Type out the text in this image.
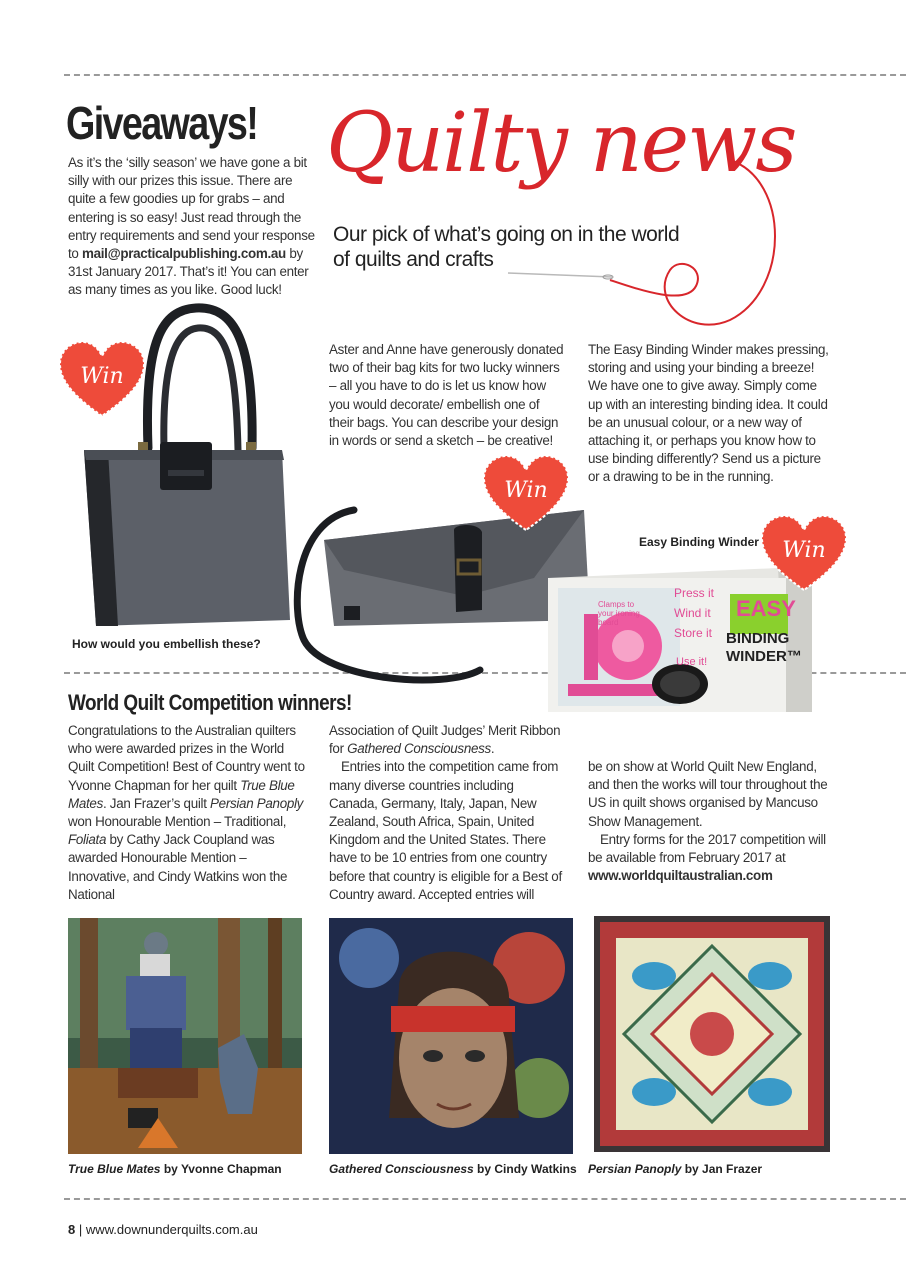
Giveaways!
As it’s the ‘silly season’ we have gone a bit silly with our prizes this issue. There are quite a few goodies up for grabs – and entering is so easy! Just read through the entry requirements and send your response to mail@practicalpublishing.com.au by 31st January 2017. That’s it! You can enter as many times as you like. Good luck!
Quilty news
Our pick of what’s going on in the world of quilts and crafts
Aster and Anne have generously donated two of their bag kits for two lucky winners – all you have to do is let us know how you would decorate/ embellish one of their bags. You can describe your design in words or send a sketch – be creative!
The Easy Binding Winder makes pressing, storing and using your binding a breeze! We have one to give away. Simply come up with an interesting binding idea. It could be an unusual colour, or a new way of attaching it, or perhaps you know how to use binding differently? Send us a picture or a drawing to be in the running.
Clamps to your ironing board
Press it
Wind it
Store it
Use it!
EASY
BINDING
WINDER™
Win
Win
Win
How would you embellish these?
Easy Binding Winder
World Quilt Competition winners!
Congratulations to the Australian quilters who were awarded prizes in the World Quilt Competition! Best of Country went to Yvonne Chapman for her quilt True Blue Mates. Jan Frazer’s quilt Persian Panoply won Honourable Mention – Traditional, Foliata by Cathy Jack Coupland was awarded Honourable Mention – Innovative, and Cindy Watkins won the National

Association of Quilt Judges’ Merit Ribbon for Gathered Consciousness.

Entries into the competition came from many diverse countries including Canada, Germany, Italy, Japan, New Zealand, South Africa, Spain, United Kingdom and the United States. There have to be 10 entries from one country before that country is eligible for a Best of Country award. Accepted entries will

be on show at World Quilt New England, and then the works will tour throughout the US in quilt shows organised by Mancuso Show Management.

Entry forms for the 2017 competition will be available from February 2017 at www.worldquiltaustralian.com

True Blue Mates by Yvonne Chapman	Gathered Consciousness by Cindy Watkins Persian Panoply by Jan Frazer
8 | www.downunderquilts.com.au
